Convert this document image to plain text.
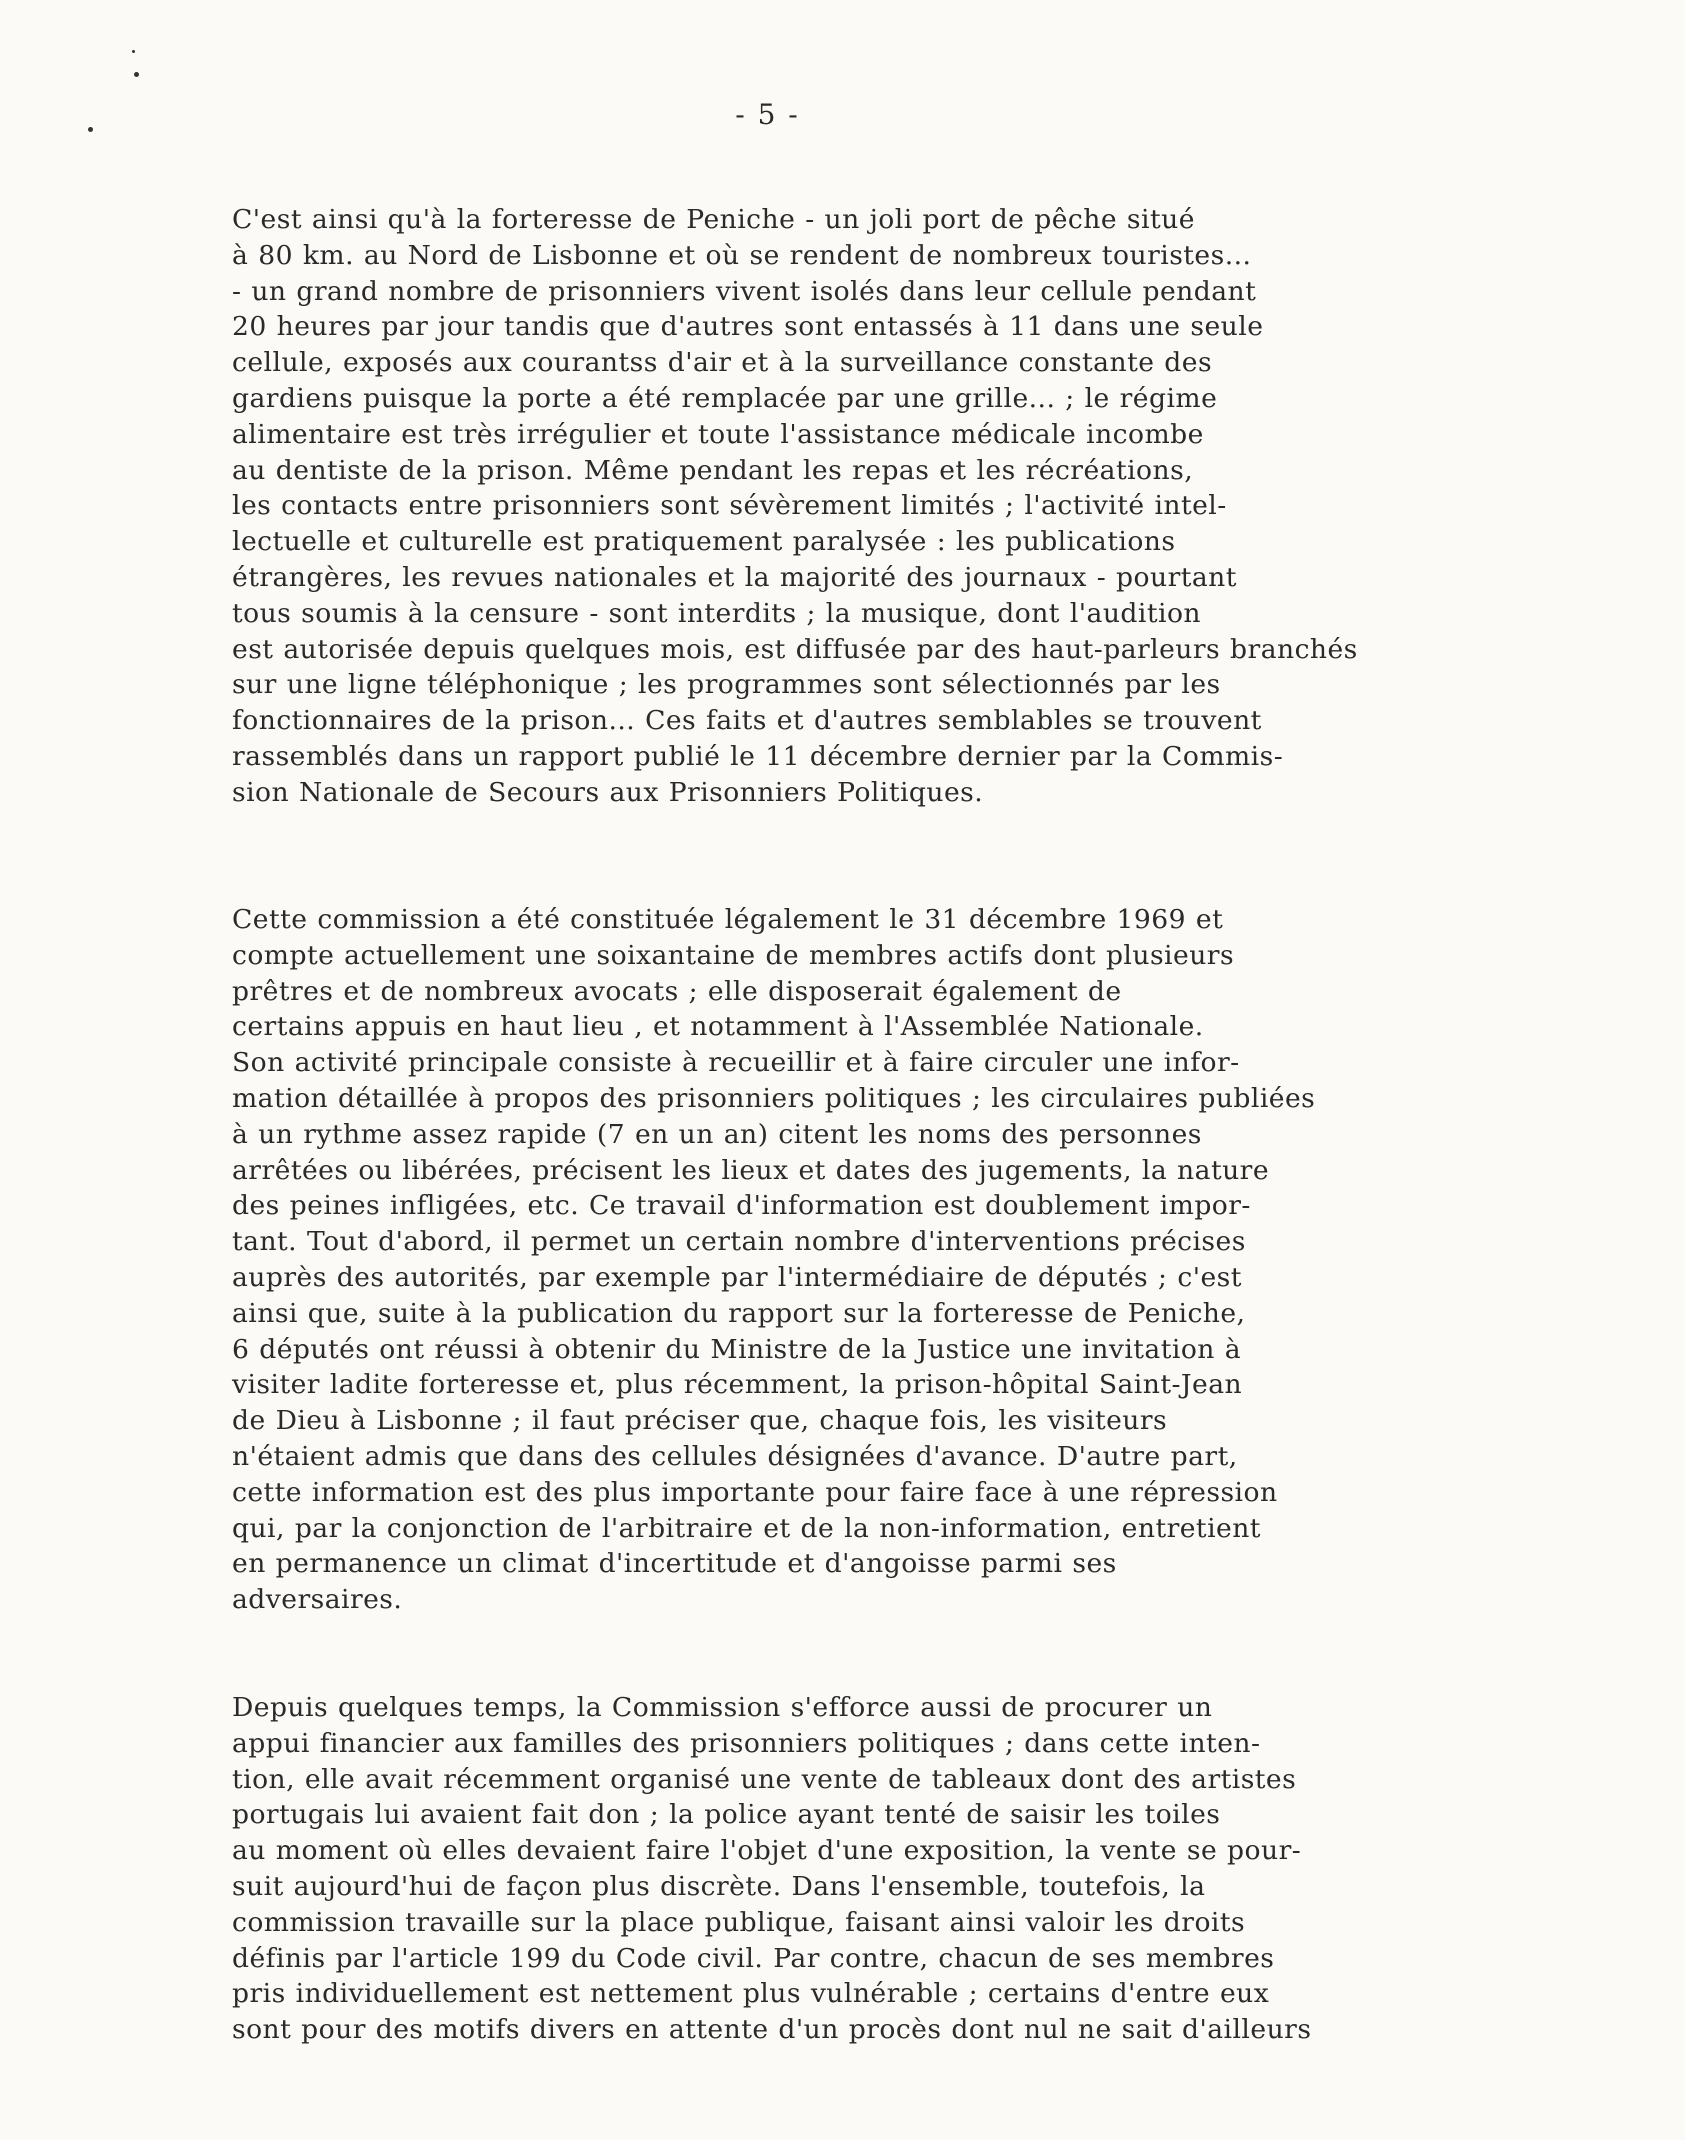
- 5 -
C'est ainsi qu'à la forteresse de Peniche - un joli port de pêche situé
à 80 km. au Nord de Lisbonne et où se rendent de nombreux touristes...
- un grand nombre de prisonniers vivent isolés dans leur cellule pendant
20 heures par jour tandis que d'autres sont entassés à 11 dans une seule
cellule, exposés aux courantss d'air et à la surveillance constante des
gardiens puisque la porte a été remplacée par une grille... ; le régime
alimentaire est très irrégulier et toute l'assistance médicale incombe
au dentiste de la prison. Même pendant les repas et les récréations,
les contacts entre prisonniers sont sévèrement limités ; l'activité intel-
lectuelle et culturelle est pratiquement paralysée : les publications
étrangères, les revues nationales et la majorité des journaux - pourtant
tous soumis à la censure - sont interdits ; la musique, dont l'audition
est autorisée depuis quelques mois, est diffusée par des haut-parleurs branchés
sur une ligne téléphonique ; les programmes sont sélectionnés par les
fonctionnaires de la prison... Ces faits et d'autres semblables se trouvent
rassemblés dans un rapport publié le 11 décembre dernier par la Commis-
sion Nationale de Secours aux Prisonniers Politiques.
Cette commission a été constituée légalement le 31 décembre 1969 et
compte actuellement une soixantaine de membres actifs dont plusieurs
prêtres et de nombreux avocats ; elle disposerait également de
certains appuis en haut lieu , et notamment à l'Assemblée Nationale.
Son activité principale consiste à recueillir et à faire circuler une infor-
mation détaillée à propos des prisonniers politiques ; les circulaires publiées
à un rythme assez rapide (7 en un an) citent les noms des personnes
arrêtées ou libérées, précisent les lieux et dates des jugements, la nature
des peines infligées, etc. Ce travail d'information est doublement impor-
tant. Tout d'abord, il permet un certain nombre d'interventions précises
auprès des autorités, par exemple par l'intermédiaire de députés ; c'est
ainsi que, suite à la publication du rapport sur la forteresse de Peniche,
6 députés ont réussi à obtenir du Ministre de la Justice une invitation à
visiter ladite forteresse et, plus récemment, la prison-hôpital Saint-Jean
de Dieu à Lisbonne ; il faut préciser que, chaque fois, les visiteurs
n'étaient admis que dans des cellules désignées d'avance. D'autre part,
cette information est des plus importante pour faire face à une répression
qui, par la conjonction de l'arbitraire et de la non-information, entretient
en permanence un climat d'incertitude et d'angoisse parmi ses
adversaires.
Depuis quelques temps, la Commission s'efforce aussi de procurer un
appui financier aux familles des prisonniers politiques ; dans cette inten-
tion, elle avait récemment organisé une vente de tableaux dont des artistes
portugais lui avaient fait don ; la police ayant tenté de saisir les toiles
au moment où elles devaient faire l'objet d'une exposition, la vente se pour-
suit aujourd'hui de façon plus discrète. Dans l'ensemble, toutefois, la
commission travaille sur la place publique, faisant ainsi valoir les droits
définis par l'article 199 du Code civil. Par contre, chacun de ses membres
pris individuellement est nettement plus vulnérable ; certains d'entre eux
sont pour des motifs divers en attente d'un procès dont nul ne sait d'ailleurs
